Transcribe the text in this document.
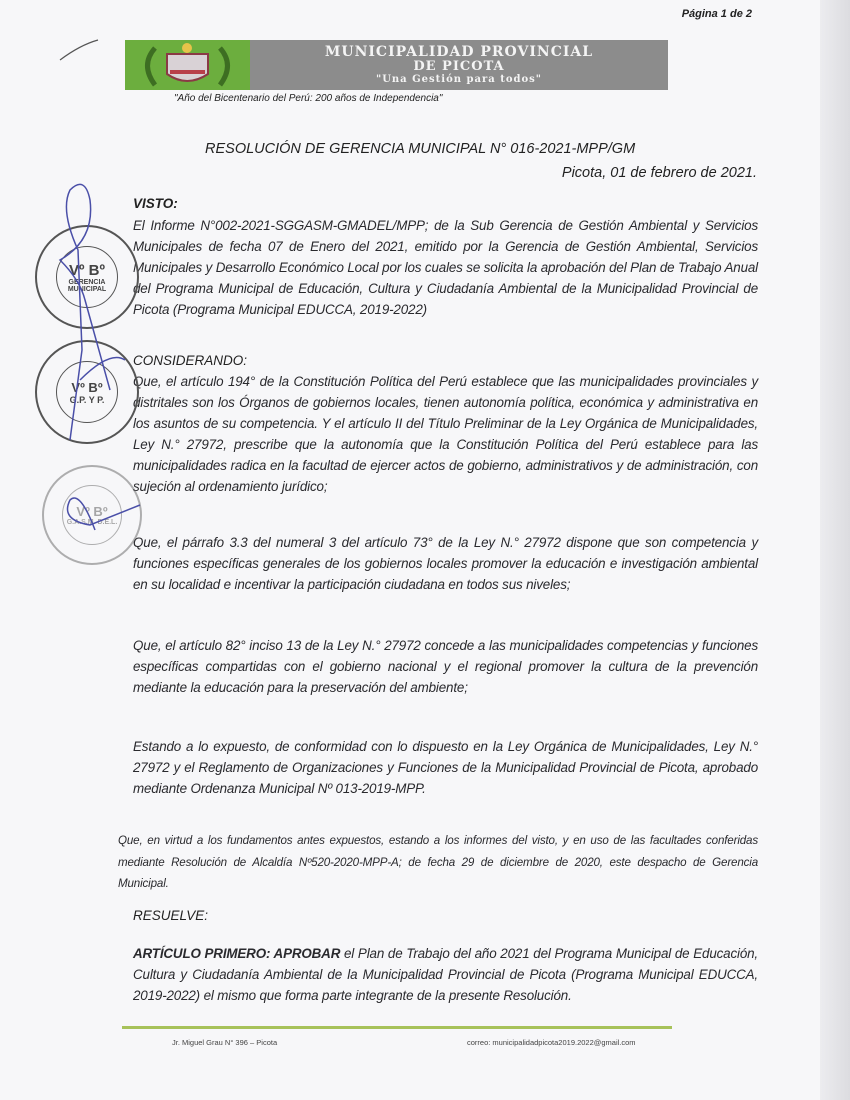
Página 1 de 2
MUNICIPALIDAD PROVINCIAL
DE PICOTA
"Una Gestión para todos"
"Año del Bicentenario del Perú: 200 años de Independencia"
RESOLUCIÓN DE GERENCIA MUNICIPAL N° 016-2021-MPP/GM
Picota, 01 de febrero de 2021.
VISTO:
El Informe N°002-2021-SGGASM-GMADEL/MPP; de la Sub Gerencia de Gestión Ambiental y Servicios Municipales de fecha 07 de Enero del 2021, emitido por la Gerencia de Gestión Ambiental, Servicios Municipales y Desarrollo Económico Local por los cuales se solicita la aprobación del Plan de Trabajo Anual del Programa Municipal de Educación, Cultura y Ciudadanía Ambiental de la Municipalidad Provincial de Picota (Programa Municipal EDUCCA, 2019-2022)
CONSIDERANDO:
Que, el artículo 194° de la Constitución Política del Perú establece que las municipalidades provinciales y distritales son los Órganos de gobiernos locales, tienen autonomía política, económica y administrativa en los asuntos de su competencia. Y el artículo II del Título Preliminar de la Ley Orgánica de Municipalidades, Ley N.° 27972, prescribe que la autonomía que la Constitución Política del Perú establece para las municipalidades radica en la facultad de ejercer actos de gobierno, administrativos y de administración, con sujeción al ordenamiento jurídico;
Que, el párrafo 3.3 del numeral 3 del artículo 73° de la Ley N.° 27972 dispone que son competencia y funciones específicas generales de los gobiernos locales promover la educación e investigación ambiental en su localidad e incentivar la participación ciudadana en todos sus niveles;
Que, el artículo 82° inciso 13 de la Ley N.° 27972 concede a las municipalidades competencias y funciones específicas compartidas con el gobierno nacional y el regional promover la cultura de la prevención mediante la educación para la preservación del ambiente;
Estando a lo expuesto, de conformidad con lo dispuesto en la Ley Orgánica de Municipalidades, Ley N.° 27972 y el Reglamento de Organizaciones y Funciones de la Municipalidad Provincial de Picota, aprobado mediante Ordenanza Municipal Nº 013-2019-MPP.
Que, en virtud a los fundamentos antes expuestos, estando a los informes del visto, y en uso de las facultades conferidas mediante Resolución de Alcaldía Nº520-2020-MPP-A; de fecha 29 de diciembre de 2020, este despacho de Gerencia Municipal.
RESUELVE:
ARTÍCULO PRIMERO: APROBAR el Plan de Trabajo del año 2021 del Programa Municipal de Educación, Cultura y Ciudadanía Ambiental de la Municipalidad Provincial de Picota (Programa Municipal EDUCCA, 2019-2022) el mismo que forma parte integrante de la presente Resolución.
Vº Bº
GERENCIA MUNICIPAL
Vº Bº
G.P. Y P.
Vº Bº
G.A.S.M. D.E.L.
Jr. Miguel Grau N° 396 – Picota	correo: municipalidadpicota2019.2022@gmail.com
